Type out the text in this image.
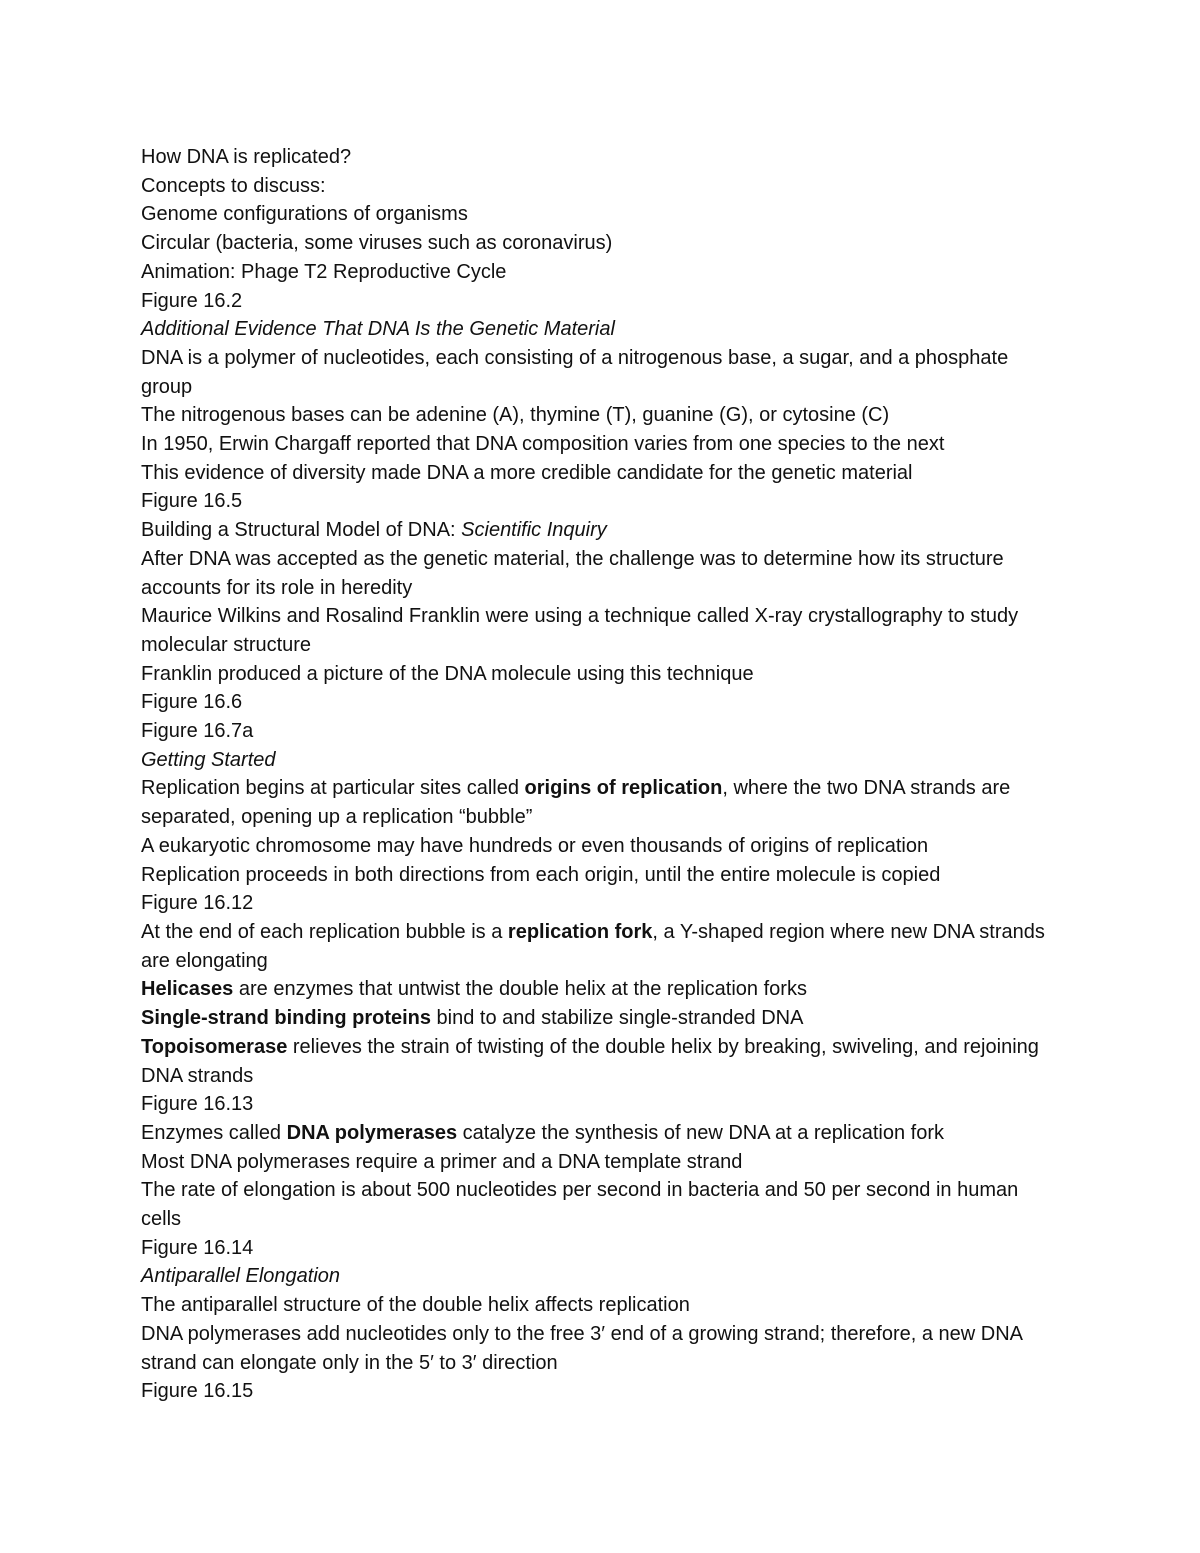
How DNA is replicated?

Concepts to discuss:

Genome configurations of organisms

Circular (bacteria, some viruses such as coronavirus)

Animation: Phage T2 Reproductive Cycle

Figure 16.2

Additional Evidence That DNA Is the Genetic Material

DNA is a polymer of nucleotides, each consisting of a nitrogenous base, a sugar, and a phosphate group

The nitrogenous bases can be adenine (A), thymine (T), guanine (G), or cytosine (C)

In 1950, Erwin Chargaff reported that DNA composition varies from one species to the next

This evidence of diversity made DNA a more credible candidate for the genetic material

Figure 16.5

Building a Structural Model of DNA: Scientific Inquiry

After DNA was accepted as the genetic material, the challenge was to determine how its structure accounts for its role in heredity

Maurice Wilkins and Rosalind Franklin were using a technique called X-ray crystallography to study molecular structure

Franklin produced a picture of the DNA molecule using this technique

Figure 16.6

Figure 16.7a

Getting Started

Replication begins at particular sites called origins of replication, where the two DNA strands are separated, opening up a replication “bubble”

A eukaryotic chromosome may have hundreds or even thousands of origins of replication

Replication proceeds in both directions from each origin, until the entire molecule is copied

Figure 16.12

At the end of each replication bubble is a replication fork, a Y-shaped region where new DNA strands are elongating

Helicases are enzymes that untwist the double helix at the replication forks

Single-strand binding proteins bind to and stabilize single-stranded DNA

Topoisomerase relieves the strain of twisting of the double helix by breaking, swiveling, and rejoining DNA strands

Figure 16.13

Enzymes called DNA polymerases catalyze the synthesis of new DNA at a replication fork

Most DNA polymerases require a primer and a DNA template strand

The rate of elongation is about 500 nucleotides per second in bacteria and 50 per second in human cells

Figure 16.14

Antiparallel Elongation

The antiparallel structure of the double helix affects replication

DNA polymerases add nucleotides only to the free 3′ end of a growing strand; therefore, a new DNA strand can elongate only in the 5′ to 3′ direction

Figure 16.15
